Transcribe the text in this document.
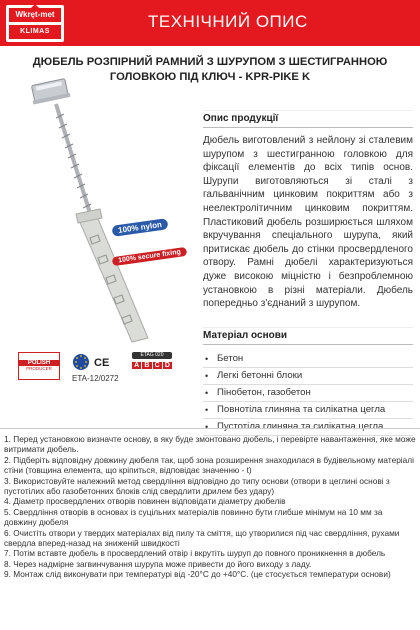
Wkręt-met
KLIMAS
ТЕХНІЧНИЙ ОПИС
ДЮБЕЛЬ РОЗПІРНИЙ РАМНИЙ З ШУРУПОМ З ШЕСТИГРАННОЮ
ГОЛОВКОЮ ПІД КЛЮЧ - KPR-PIKE K
100% nylon
100% secure fixing
POLISH
PRODUCER	CE
ETA-12/0272
ETAG 020
A B C D
Опис продукції
Дюбель виготовлений з нейлону зі сталевим шурупом з шестигранною головкою для фіксації елементів до всіх типів основ. Шурупи виготовляються зі сталі з гальванічним цинковим покриттям або з неелектролітичним цинковим покриттям. Пластиковий дюбель розширюється шляхом вкручування спеціального шурупа, який притискає дюбель до стінки просвердленого отвору. Рамні дюбелі характеризуються дуже високою міцністю і безпроблемною установкою в різні матеріали. Дюбель попередньо з'єднаний з шурупом.
Матеріал основи
• Бетон
• Легкі бетонні блоки
• Пінобетон, газобетон
• Повнотіла глиняна та силікатна цегла
• Пустотіла глиняна та силікатна цегла
1. Перед установкою визначте основу, в яку буде змонтовано дюбель, і перевірте навантаження, яке може витримати дюбель.
2. Підберіть відповідну довжину дюбеля так, щоб зона розширення знаходилася в будівельному матеріалі стіни (товщина елемента, що кріпиться, відповідає значенню - t)
3. Використовуйте належний метод свердління відповідно до типу основи (отвори в цеглині основі з пустотілих або газобетонних блоків слід свердлити дрилем без удару)
4. Діаметр просвердлених отворів повинен відповідати діаметру дюбелів
5. Свердління отворів в основах із суцільних матеріалів повинно бути глибше мінімум на 10 мм за довжину дюбеля
6. Очистіть отвори у твердих матеріалах від пилу та сміття, що утворилися під час свердління, рухами свердла вперед-назад на зниженій швидкості
7. Потім вставте дюбель в просвердлений отвір і вкрутіть шуруп до повного проникнення в дюбель
8. Через надмірне загвинчування шурупа може привести до його виходу з ладу.
9. Монтаж слід виконувати при температурі від -20°C до +40°C. (це стосується температури основи)
